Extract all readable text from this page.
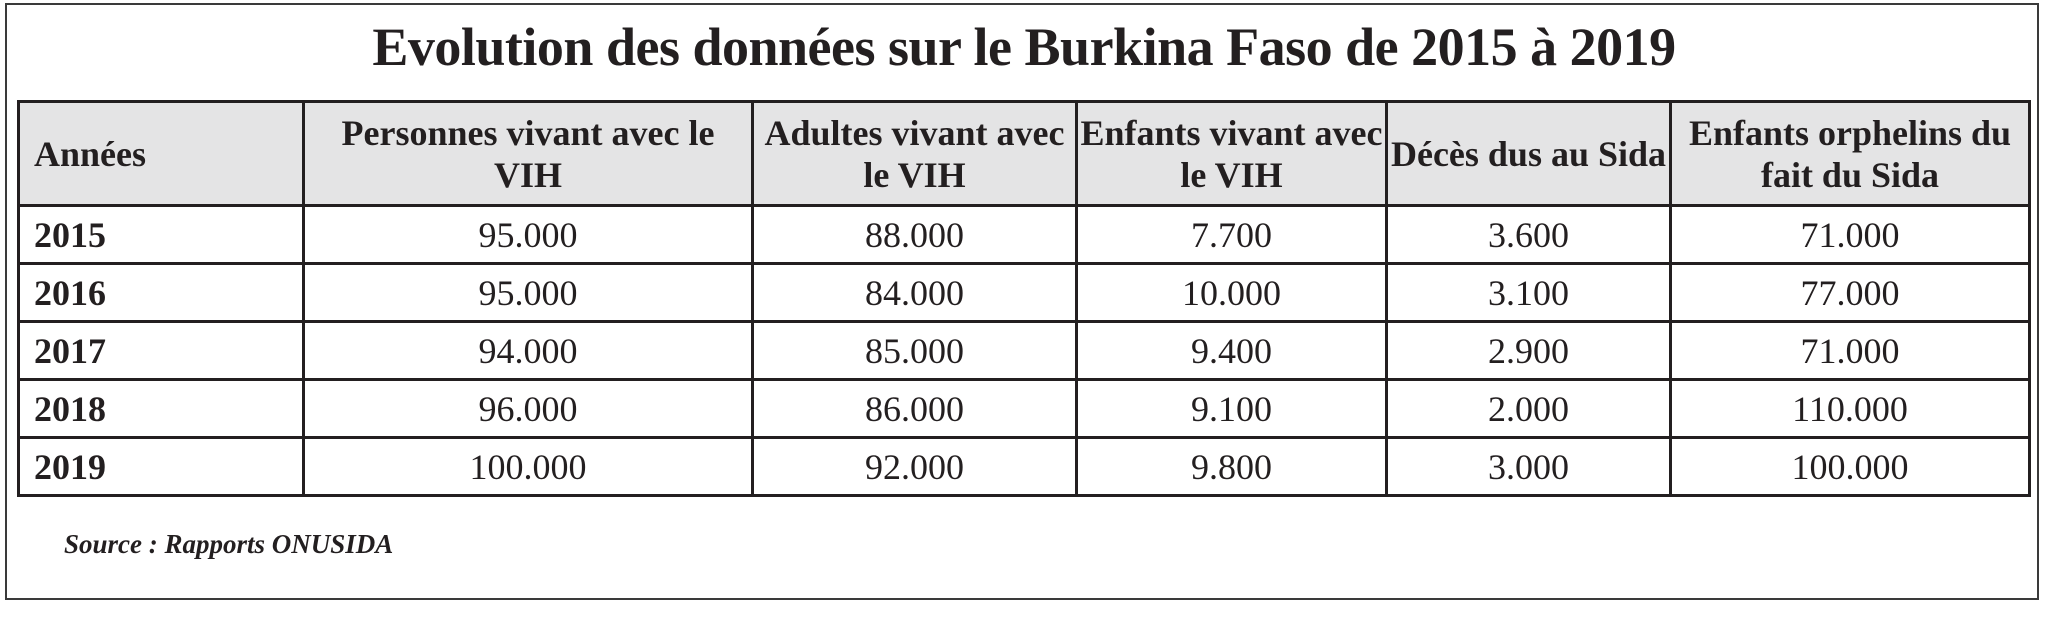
Evolution des données sur le Burkina Faso de 2015 à 2019
Années	Personnes vivant avec le VIH	Adultes vivant avec le VIH	Enfants vivant avec le VIH	Décès dus au Sida	Enfants orphelins du fait du Sida
2015	95.000	88.000	7.700	3.600	71.000
2016	95.000	84.000	10.000	3.100	77.000
2017	94.000	85.000	9.400	2.900	71.000
2018	96.000	86.000	9.100	2.000	110.000
2019	100.000	92.000	9.800	3.000	100.000
Source : Rapports ONUSIDA
